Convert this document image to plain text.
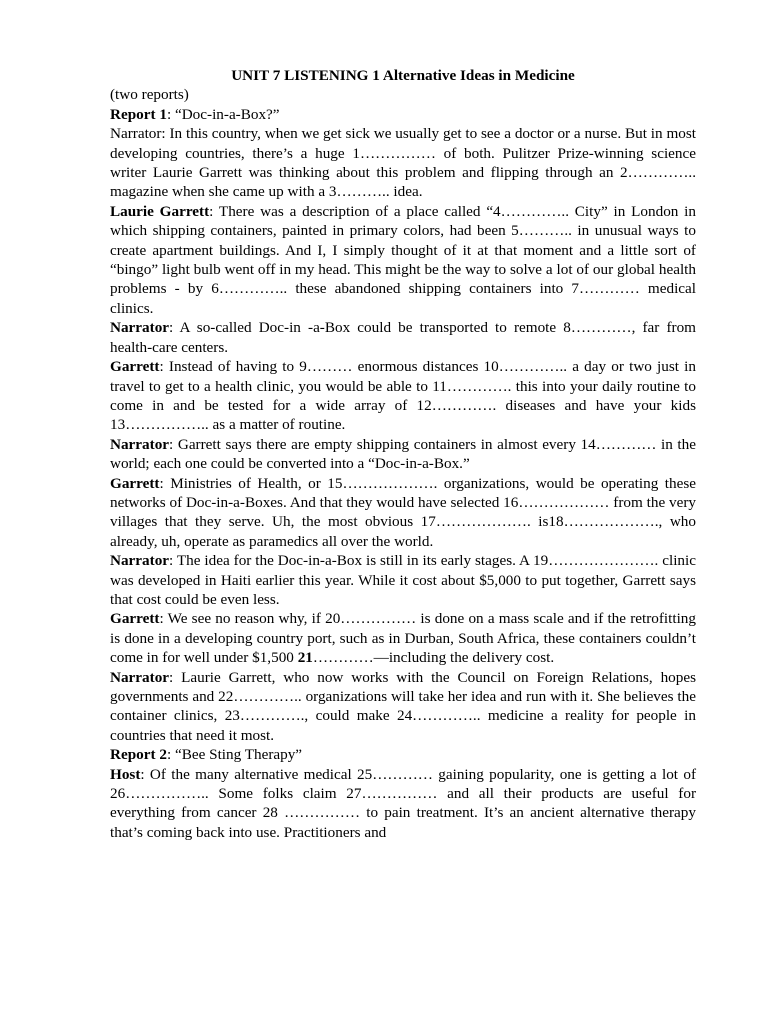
UNIT 7 LISTENING 1 Alternative Ideas in Medicine
(two reports)
Report 1: “Doc-in-a-Box?”

Narrator: In this country, when we get sick we usually get to see a doctor or a nurse. But in most developing countries, there’s a huge 1…………… of both. Pulitzer Prize-winning science writer Laurie Garrett was thinking about this problem and flipping through an 2………….. magazine when she came up with a 3……….. idea.

Laurie Garrett: There was a description of a place called “4………….. City” in London in which shipping containers, painted in primary colors, had been 5……….. in unusual ways to create apartment buildings. And I, I simply thought of it at that moment and a little sort of “bingo” light bulb went off in my head. This might be the way to solve a lot of our global health problems - by 6………….. these abandoned shipping containers into 7………… medical clinics.

Narrator: A so-called Doc-in -a-Box could be transported to remote 8…………, far from health-care centers.

Garrett: Instead of having to 9……… enormous distances 10………….. a day or two just in travel to get to a health clinic, you would be able to 11…………. this into your daily routine to come in and be tested for a wide array of 12…………. diseases and have your kids 13…………….. as a matter of routine.

Narrator: Garrett says there are empty shipping containers in almost every 14………… in the world; each one could be converted into a “Doc-in-a-Box.”

Garrett: Ministries of Health, or 15………………. organizations, would be operating these networks of Doc-in-a-Boxes. And that they would have selected 16……………… from the very villages that they serve. Uh, the most obvious 17………………. is18………………., who already, uh, operate as paramedics all over the world.

Narrator: The idea for the Doc-in-a-Box is still in its early stages. A 19…………………. clinic was developed in Haiti earlier this year. While it cost about $5,000 to put together, Garrett says that cost could be even less.

Garrett: We see no reason why, if 20…………… is done on a mass scale and if the retrofitting is done in a developing country port, such as in Durban, South Africa, these containers couldn’t come in for well under $1,500 21…………—including the delivery cost.

Narrator: Laurie Garrett, who now works with the Council on Foreign Relations, hopes governments and 22………….. organizations will take her idea and run with it. She believes the container clinics, 23…………., could make 24………….. medicine a reality for people in countries that need it most.

Report 2: “Bee Sting Therapy”

Host: Of the many alternative medical 25………… gaining popularity, one is getting a lot of 26…………….. Some folks claim 27…………… and all their products are useful for everything from cancer 28 …………… to pain treatment. It’s an ancient alternative therapy that’s coming back into use. Practitioners and
